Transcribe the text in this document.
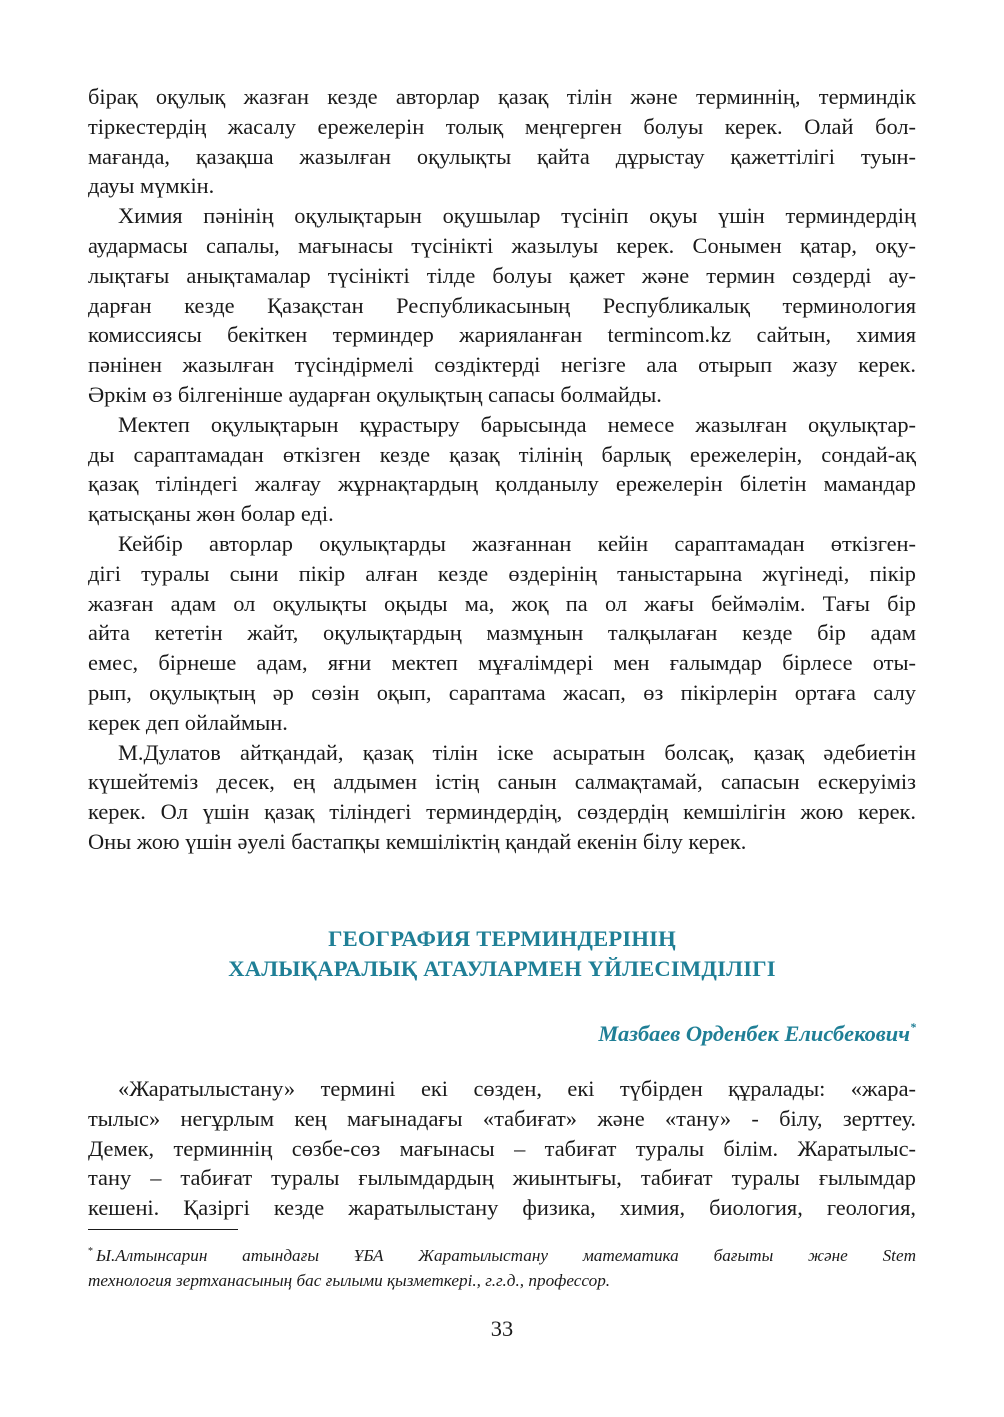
бірақ оқулық жазған кезде авторлар қазақ тілін және терминнің, терминдік
тіркестердің жасалу ережелерін толық меңгерген болуы керек. Олай бол-
мағанда, қазақша жазылған оқулықты қайта дұрыстау қажеттілігі туын-
дауы мүмкін.
Химия пәнінің оқулықтарын оқушылар түсініп оқуы үшін терминдердің
аудармасы сапалы, мағынасы түсінікті жазылуы керек. Сонымен қатар, оқу-
лықтағы анықтамалар түсінікті тілде болуы қажет және термин сөздерді ау-
дарған кезде Қазақстан Республикасының Республикалық терминология
комиссиясы бекіткен терминдер жарияланған termincom.kz сайтын, химия
пәнінен жазылған түсіндірмелі сөздіктерді негізге ала отырып жазу керек.
Әркім өз білгенінше аударған оқулықтың сапасы болмайды.
Мектеп оқулықтарын құрастыру барысында немесе жазылған оқулықтар-
ды сараптамадан өткізген кезде қазақ тілінің барлық ережелерін, сондай-ақ
қазақ тіліндегі жалғау жұрнақтардың қолданылу ережелерін білетін мамандар
қатысқаны жөн болар еді.
Кейбір авторлар оқулықтарды жазғаннан кейін сараптамадан өткізген-
дігі туралы сыни пікір алған кезде өздерінің таныстарына жүгінеді, пікір
жазған адам ол оқулықты оқыды ма, жоқ па ол жағы беймәлім. Тағы бір
айта кететін жайт, оқулықтардың мазмұнын талқылаған кезде бір адам
емес, бірнеше адам, яғни мектеп мұғалімдері мен ғалымдар бірлесе оты-
рып, оқулықтың әр сөзін оқып, сараптама жасап, өз пікірлерін ортаға салу
керек деп ойлаймын.
М.Дулатов айтқандай, қазақ тілін іске асыратын болсақ, қазақ әдебиетін
күшейтеміз десек, ең алдымен істің санын салмақтамай, сапасын ескеруіміз
керек. Ол үшін қазақ тіліндегі терминдердің, сөздердің кемшілігін жою керек.
Оны жою үшін әуелі бастапқы кемшіліктің қандай екенін білу керек.
ГЕОГРАФИЯ ТЕРМИНДЕРІНІҢ
ХАЛЫҚАРАЛЫҚ АТАУЛАРМЕН ҮЙЛЕСІМДІЛІГІ
Мазбаев Орденбек Елисбекович*
«Жаратылыстану» термині екі сөзден, екі түбірден құралады: «жара-
тылыс» негұрлым кең мағынадағы «табиғат» және «тану» - білу, зерттеу.
Демек, терминнің сөзбе-сөз мағынасы – табиғат туралы білім. Жаратылыс-
тану – табиғат туралы ғылымдардың жиынтығы, табиғат туралы ғылымдар
кешені. Қазіргі кезде жаратылыстану физика, химия, биология, геология,
* Ы.Алтынсарин атындағы ҰБА Жаратылыстану математика бағыты және Stem
технология зертханасының бас ғылыми қызметкері., г.г.д., профессор.
33
